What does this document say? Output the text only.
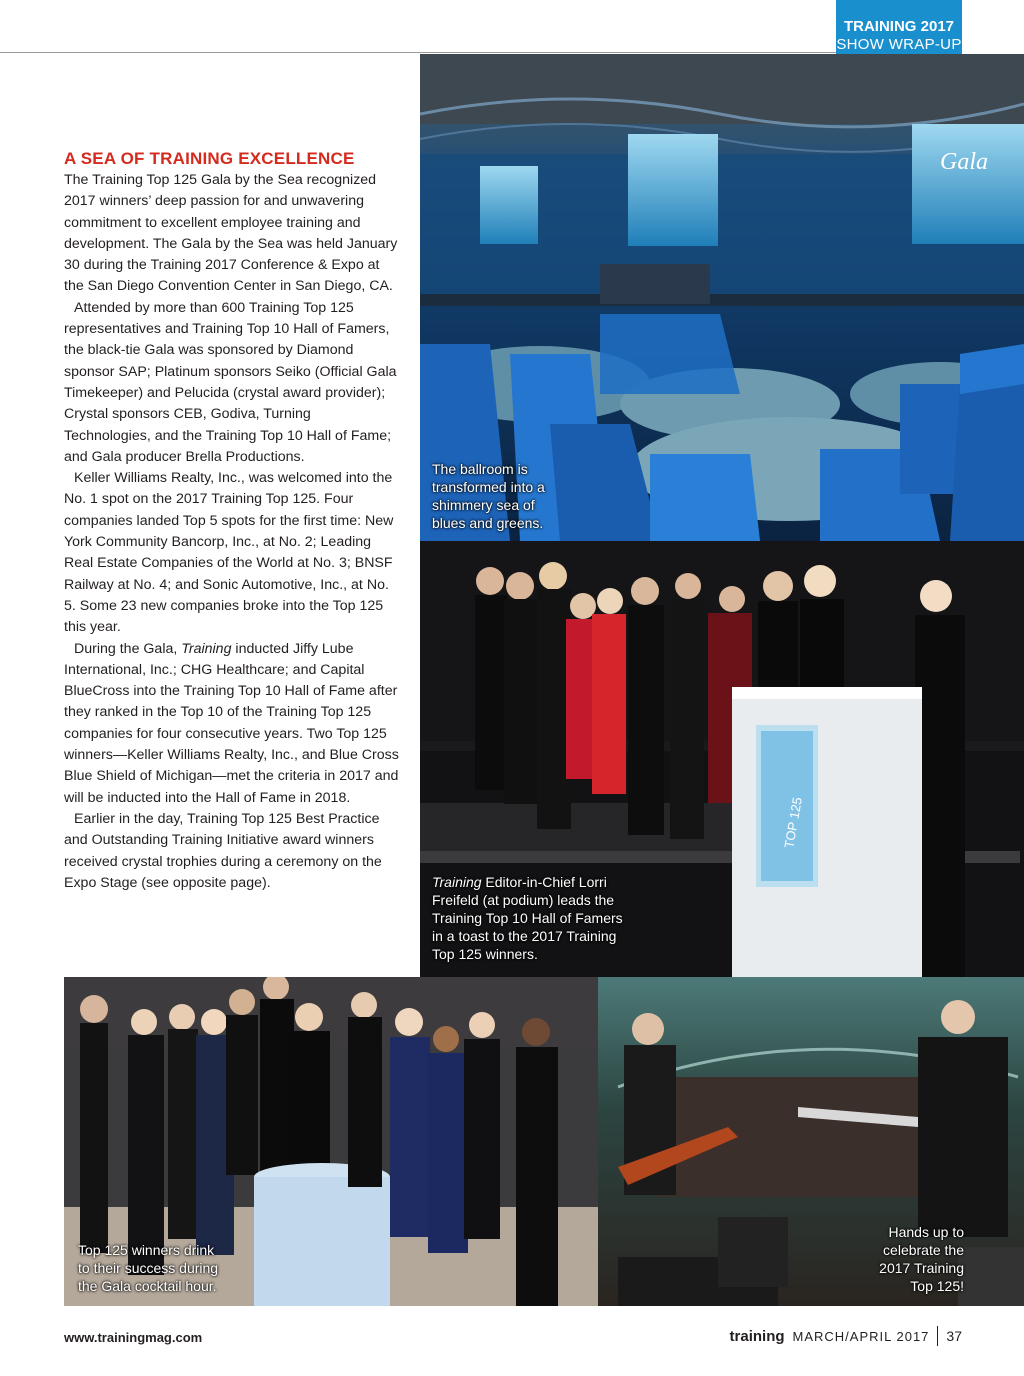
TRAINING 2017
SHOW WRAP-UP
Gala
The ballroom is transformed into a shimmery sea of blues and greens.
TOP 125
Training Editor-in-Chief Lorri Freifeld (at podium) leads the Training Top 10 Hall of Famers in a toast to the 2017 Training Top 125 winners.
Top 125 winners drink to their success during the Gala cocktail hour.
Hands up to celebrate the 2017 Training Top 125!
A SEA OF TRAINING EXCELLENCE

The Training Top 125 Gala by the Sea recognized 2017 winners’ deep passion for and unwavering commitment to excellent employee training and development. The Gala by the Sea was held January 30 during the Training 2017 Conference & Expo at the San Diego Convention Center in San Diego, CA.

Attended by more than 600 Training Top 125 representatives and Training Top 10 Hall of Famers, the black-tie Gala was sponsored by Diamond sponsor SAP; Platinum sponsors Seiko (Official Gala Timekeeper) and Pelucida (crystal award provider); Crystal sponsors CEB, Godiva, Turning Technologies, and the Training Top 10 Hall of Fame; and Gala producer Brella Productions.

Keller Williams Realty, Inc., was welcomed into the No. 1 spot on the 2017 Training Top 125. Four companies landed Top 5 spots for the first time: New York Community Bancorp, Inc., at No. 2; Leading Real Estate Companies of the World at No. 3; BNSF Railway at No. 4; and Sonic Automotive, Inc., at No. 5. Some 23 new companies broke into the Top 125 this year.

During the Gala, Training inducted Jiffy Lube International, Inc.; CHG Healthcare; and Capital BlueCross into the Training Top 10 Hall of Fame after they ranked in the Top 10 of the Training Top 125 companies for four consecutive years. Two Top 125 winners—Keller Williams Realty, Inc., and Blue Cross Blue Shield of Michigan—met the criteria in 2017 and will be inducted into the Hall of Fame in 2018.

Earlier in the day, Training Top 125 Best Practice and Outstanding Training Initiative award winners received crystal trophies during a ceremony on the Expo Stage (see opposite page).

www.trainingmag.com	training MARCH/APRIL 2017 37
